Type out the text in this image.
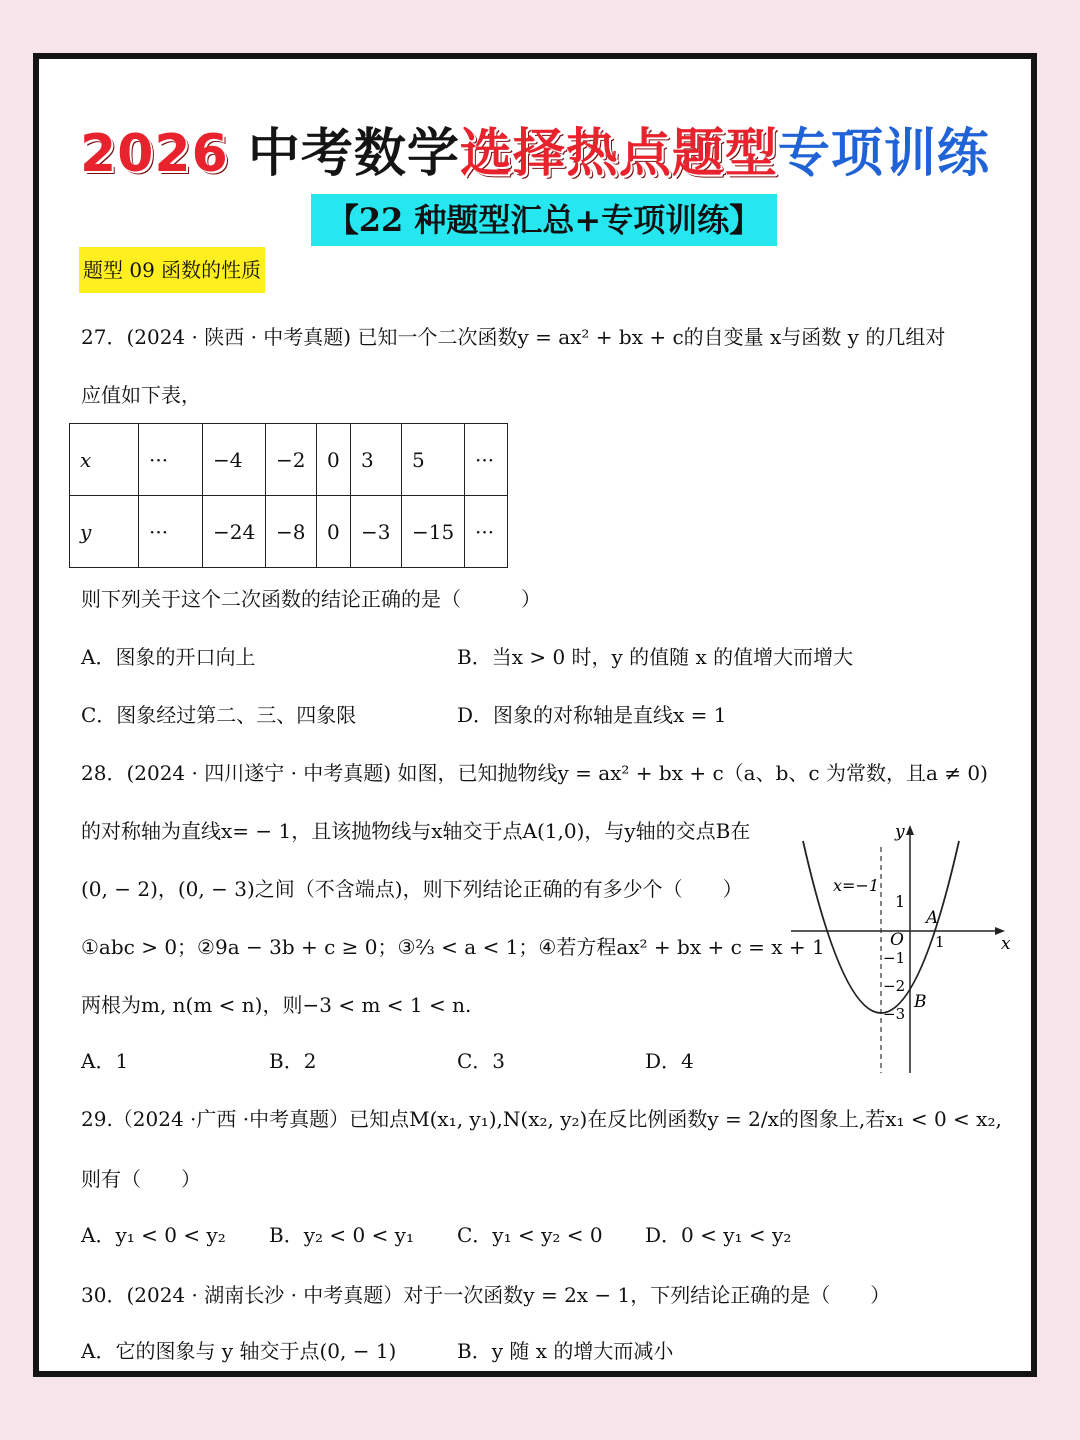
2026 中考数学选择热点题型专项训练
【22 种题型汇总+专项训练】
题型 09 函数的性质
27．(2024 · 陕西 · 中考真题) 已知一个二次函数y = ax² + bx + c的自变量 x与函数 y 的几组对
应值如下表，
x	···	−4	−2	0	3	5	···
y	···	−24	−8	0	−3	−15	···
则下列关于这个二次函数的结论正确的是（　　　）
A．图象的开口向上	B．当x > 0 时，y 的值随 x 的值增大而增大
C．图象经过第二、三、四象限	D．图象的对称轴是直线x = 1
28．(2024 · 四川遂宁 · 中考真题) 如图，已知抛物线y = ax² + bx + c（a、b、c 为常数，且a ≠ 0)
的对称轴为直线x= − 1，且该抛物线与x轴交于点A(1,0)，与y轴的交点B在
(0, − 2)，(0, − 3)之间（不含端点)，则下列结论正确的有多少个（　　）
①abc > 0；②9a − 3b + c ≥ 0；③⅔ < a < 1；④若方程ax² + bx + c = x + 1
两根为m, n(m < n)，则−3 < m < 1 < n.
A．1	B．2	C．3	D．4
x
y
x=−1
1
O
−1
−2
−3
A
1
B
29.（2024 ·广西 ·中考真题）已知点M(x₁, y₁),N(x₂, y₂)在反比例函数y = 2/x的图象上,若x₁ < 0 < x₂,
则有（　　）
A．y₁ < 0 < y₂ B．y₂ < 0 < y₁ C．y₁ < y₂ < 0 D．0 < y₁ < y₂
30．(2024 · 湖南长沙 · 中考真题）对于一次函数y = 2x − 1，下列结论正确的是（　　）
A．它的图象与 y 轴交于点(0, − 1)	B．y 随 x 的增大而减小
